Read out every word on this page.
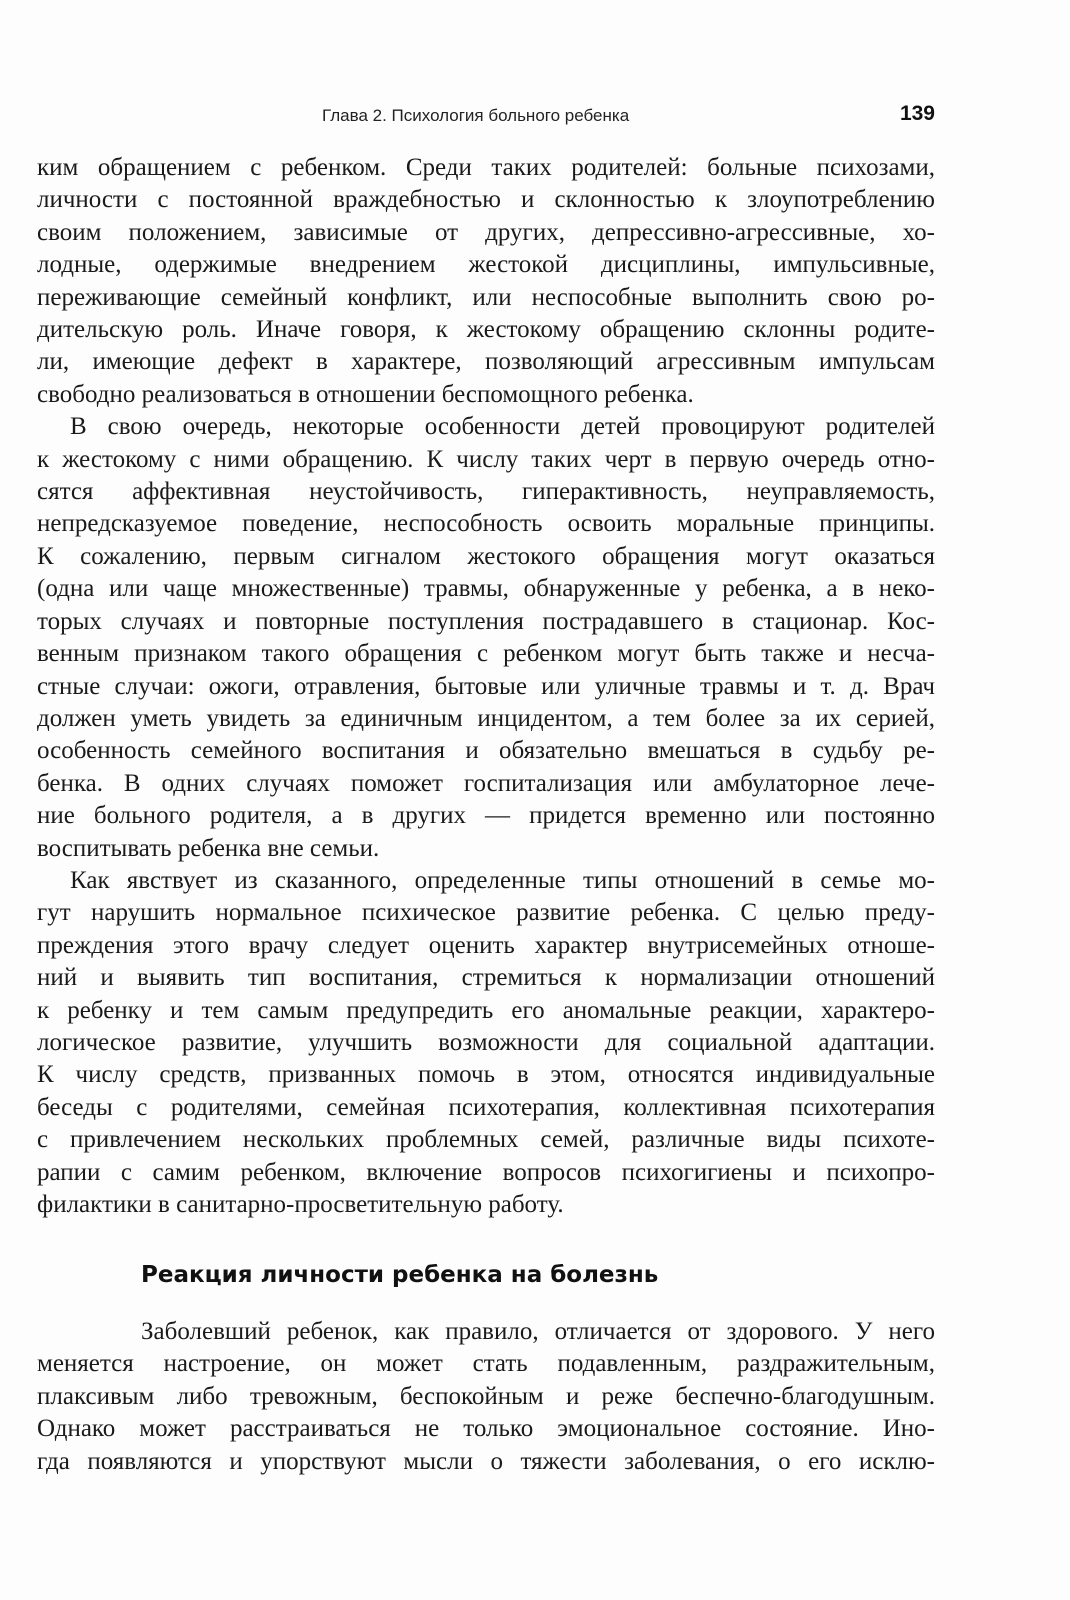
Глава 2. Психология больного ребенка	139

ким обращением с ребенком. Среди таких родителей: больные психозами,
личности с постоянной враждебностью и склонностью к злоупотреблению
своим положением, зависимые от других, депрессивно-агрессивные, хо-
лодные, одержимые внедрением жестокой дисциплины, импульсивные,
переживающие семейный конфликт, или неспособные выполнить свою ро-
дительскую роль. Иначе говоря, к жестокому обращению склонны родите-
ли, имеющие дефект в характере, позволяющий агрессивным импульсам
свободно реализоваться в отношении беспомощного ребенка.

В свою очередь, некоторые особенности детей провоцируют родителей
к жестокому с ними обращению. К числу таких черт в первую очередь отно-
сятся аффективная неустойчивость, гиперактивность, неуправляемость,
непредсказуемое поведение, неспособность освоить моральные принципы.
К сожалению, первым сигналом жестокого обращения могут оказаться
(одна или чаще множественные) травмы, обнаруженные у ребенка, а в неко-
торых случаях и повторные поступления пострадавшего в стационар. Кос-
венным признаком такого обращения с ребенком могут быть также и несча-
стные случаи: ожоги, отравления, бытовые или уличные травмы и т. д. Врач
должен уметь увидеть за единичным инцидентом, а тем более за их серией,
особенность семейного воспитания и обязательно вмешаться в судьбу ре-
бенка. В одних случаях поможет госпитализация или амбулаторное лече-
ние больного родителя, а в других — придется временно или постоянно
воспитывать ребенка вне семьи.

Как явствует из сказанного, определенные типы отношений в семье мо-
гут нарушить нормальное психическое развитие ребенка. С целью преду-
преждения этого врачу следует оценить характер внутрисемейных отноше-
ний и выявить тип воспитания, стремиться к нормализации отношений
к ребенку и тем самым предупредить его аномальные реакции, характеро-
логическое развитие, улучшить возможности для социальной адаптации.
К числу средств, призванных помочь в этом, относятся индивидуальные
беседы с родителями, семейная психотерапия, коллективная психотерапия
с привлечением нескольких проблемных семей, различные виды психоте-
рапии с самим ребенком, включение вопросов психогигиены и психопро-
филактики в санитарно-просветительную работу.

Реакция личности ребенка на болезнь

Заболевший ребенок, как правило, отличается от здорового. У него
меняется настроение, он может стать подавленным, раздражительным,
плаксивым либо тревожным, беспокойным и реже беспечно-благодушным.
Однако может расстраиваться не только эмоциональное состояние. Ино-
гда появляются и упорствуют мысли о тяжести заболевания, о его исклю-
